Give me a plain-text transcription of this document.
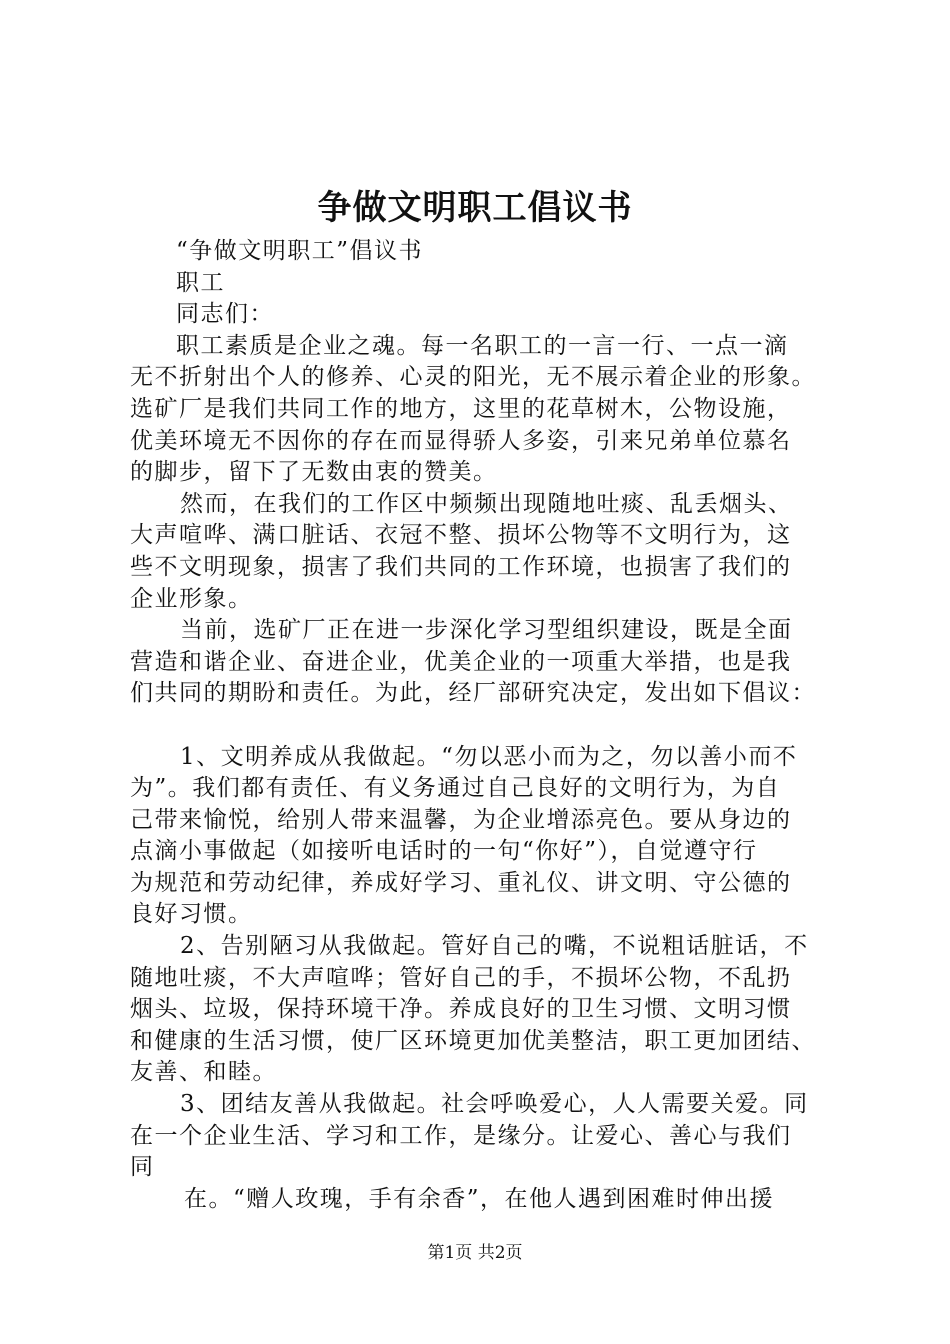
争做文明职工倡议书

“争做文明职工”倡议书

职工

同志们：

职工素质是企业之魂。每一名职工的一言一行、一点一滴

无不折射出个人的修养、心灵的阳光，无不展示着企业的形象。

选矿厂是我们共同工作的地方，这里的花草树木，公物设施，

优美环境无不因你的存在而显得骄人多姿，引来兄弟单位慕名

的脚步，留下了无数由衷的赞美。

然而，在我们的工作区中频频出现随地吐痰、乱丢烟头、

大声喧哗、满口脏话、衣冠不整、损坏公物等不文明行为，这

些不文明现象，损害了我们共同的工作环境，也损害了我们的

企业形象。

当前，选矿厂正在进一步深化学习型组织建设，既是全面

营造和谐企业、奋进企业，优美企业的一项重大举措，也是我

们共同的期盼和责任。为此，经厂部研究决定，发出如下倡议：

1、文明养成从我做起。“勿以恶小而为之，勿以善小而不

为”。我们都有责任、有义务通过自己良好的文明行为，为自

己带来愉悦，给别人带来温馨，为企业增添亮色。要从身边的

点滴小事做起（如接听电话时的一句“你好”），自觉遵守行

为规范和劳动纪律，养成好学习、重礼仪、讲文明、守公德的

良好习惯。

2、告别陋习从我做起。管好自己的嘴，不说粗话脏话，不

随地吐痰，不大声喧哗；管好自己的手，不损坏公物，不乱扔

烟头、垃圾，保持环境干净。养成良好的卫生习惯、文明习惯

和健康的生活习惯，使厂区环境更加优美整洁，职工更加团结、

友善、和睦。

3、团结友善从我做起。社会呼唤爱心，人人需要关爱。同

在一个企业生活、学习和工作，是缘分。让爱心、善心与我们

同

在。“赠人玫瑰，手有余香”，在他人遇到困难时伸出援

第1页 共2页
